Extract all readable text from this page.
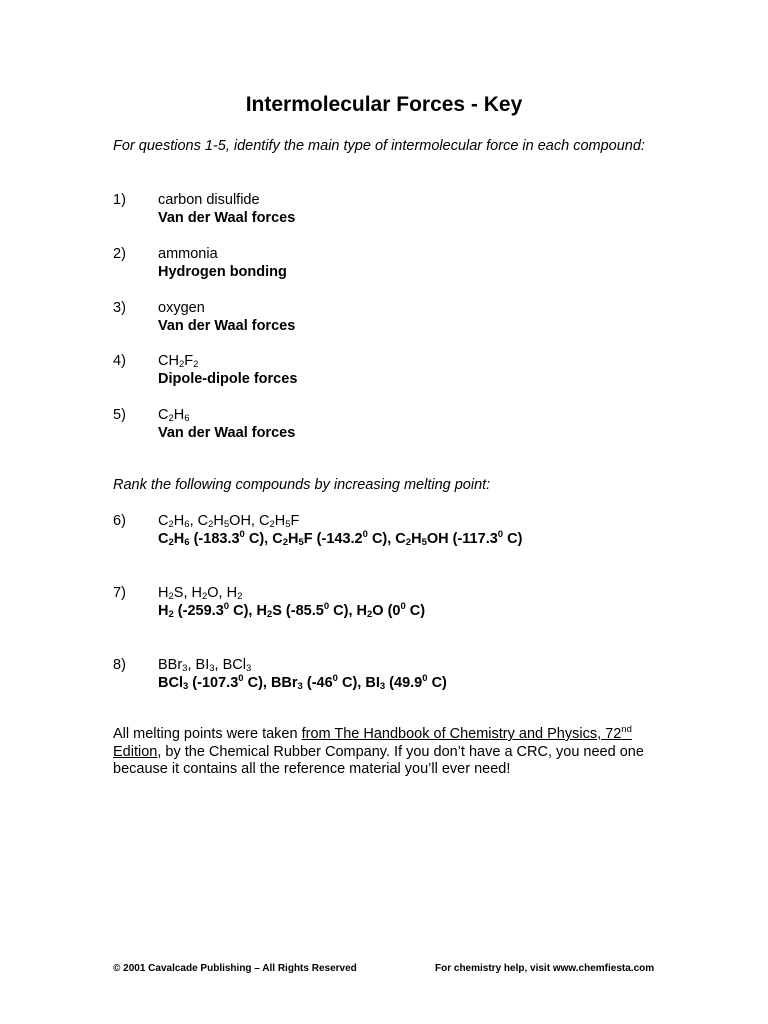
Intermolecular Forces - Key
For questions 1-5, identify the main type of intermolecular force in each compound:
1) carbon disulfide
Van der Waal forces
2) ammonia
Hydrogen bonding
3) oxygen
Van der Waal forces
4) $CH_2F_2$
Dipole-dipole forces
5) $C_2H_6$
Van der Waal forces
Rank the following compounds by increasing melting point:
6) $C_2H_6$, $C_2H_5OH$, $C_2H_5F$
$C_2H_6$ (-183.3$^0$ C), $C_2H_5F$ (-143.2$^0$ C), $C_2H_5OH$ (-117.3$^0$ C)
7) $H_2S$, $H_2O$, $H_2$
$H_2$ (-259.3$^0$ C), $H_2S$ (-85.5$^0$ C), $H_2O$ ($0^0$ C)
8) BBr$_3$, $BI_3$, BCl$_3$
BCl$_3$ (-107.3$^0$ C), BBr$_3$ ($-46^0$ C), $BI_3$ (49.9$^0$ C)
All melting points were taken from The Handbook of Chemistry and Physics, 72nd Edition, by the Chemical Rubber Company. If you don’t have a CRC, you need one because it contains all the reference material you’ll ever need!
© 2001 Cavalcade Publishing – All Rights Reserved	For chemistry help, visit www.chemfiesta.com
